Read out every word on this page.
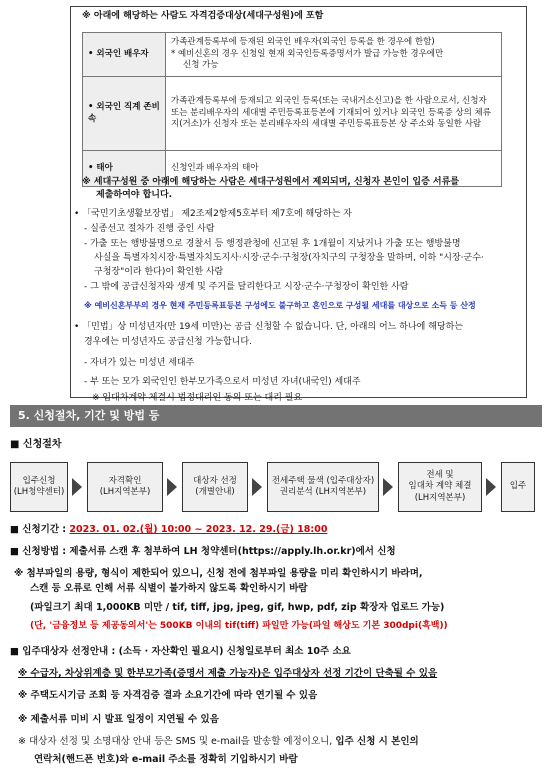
※ 아래에 해당하는 사람도 자격검증대상(세대구성원)에 포함
• 외국인 배우자	가족관계등록부에 등재된 외국인 배우자(외국인 등록을 한 경우에 한함)
* 예비신혼의 경우 신청일 현재 외국인등록증명서가 발급 가능한 경우에만
신청 가능

• 외국인 직계 존비속	가족관계등록부에 등재되고 외국인 등록(또는 국내거소신고)을 한 사람으로서, 신청자 또는 분리배우자의 세대별 주민등록표등본에 기재되어 있거나 외국인 등록증 상의 체류지(거소)가 신청자 또는 분리배우자의 세대별 주민등록표등본 상 주소와 동일한 사람
• 태아	신청인과 배우자의 태아
※ 세대구성원 중 아래에 해당하는 사람은 세대구성원에서 제외되며, 신청자 본인이 입증 서류를
제출하여야 합니다.
• 「국민기초생활보장법」 제2조제2항제5호부터 제7호에 해당하는 자
- 실종선고 절차가 진행 중인 사람
- 가출 또는 행방불명으로 경찰서 등 행정관청에 신고된 후 1개월이 지났거나 가출 또는 행방불명
사실을 특별자치시장·특별자치도지사·시장·군수·구청장(자치구의 구청장을 말하며, 이하 "시장·군수·
구청장"이라 한다)이 확인한 사람
- 그 밖에 공급신청자와 생계 및 주거를 달리한다고 시장·군수·구청장이 확인한 사람
※ 예비신혼부부의 경우 현재 주민등록표등본 구성에도 불구하고 혼인으로 구성될 세대를 대상으로 소득 등 산정
• 「민법」상 미성년자(만 19세 미만)는 공급 신청할 수 없습니다. 단, 아래의 어느 하나에 해당하는
경우에는 미성년자도 공급신청 가능합니다.
- 자녀가 있는 미성년 세대주
- 부 또는 모가 외국인인 한부모가족으로서 미성년 자녀(내국인) 세대주
※ 임대차계약 체결시 법정대리인 동의 또는 대리 필요
5. 신청절차, 기간 및 방법 등
■ 신청절차
입주신청
(LH청약센터)
자격확인
(LH지역본부)
대상자 선정
(개별안내)
전세주택 물색 (입주대상자)
권리분석 (LH지역본부)
전세 및
임대차 계약 체결
(LH지역본부)
입주
■ 신청기간 : 2023. 01. 02.(월) 10:00 ~ 2023. 12. 29.(금) 18:00
■ 신청방법 : 제출서류 스캔 후 첨부하여 LH 청약센터(https://apply.lh.or.kr)에서 신청
※ 첨부파일의 용량, 형식이 제한되어 있으니, 신청 전에 첨부파일 용량을 미리 확인하시기 바라며,
스캔 등 오류로 인해 서류 식별이 불가하지 않도록 확인하시기 바람
(파일크기 최대 1,000KB 미만 / tif, tiff, jpg, jpeg, gif, hwp, pdf, zip 확장자 업로드 가능)
(단, '금융정보 등 제공동의서'는 500KB 이내의 tif(tiff) 파일만 가능(파일 해상도 기본 300dpi(흑백))
■ 입주대상자 선정안내 : (소득 · 자산확인 필요시) 신청일로부터 최소 10주 소요
※ 수급자, 차상위계층 및 한부모가족(증명서 제출 가능자)은 입주대상자 선정 기간이 단축될 수 있음
※ 주택도시기금 조회 등 자격검증 결과 소요기간에 따라 연기될 수 있음
※ 제출서류 미비 시 발표 일정이 지연될 수 있음
※ 대상자 선정 및 소명대상 안내 등은 SMS 및 e-mail을 발송할 예정이오니, 입주 신청 시 본인의
연락처(핸드폰 번호)와 e-mail 주소를 정확히 기입하시기 바람
